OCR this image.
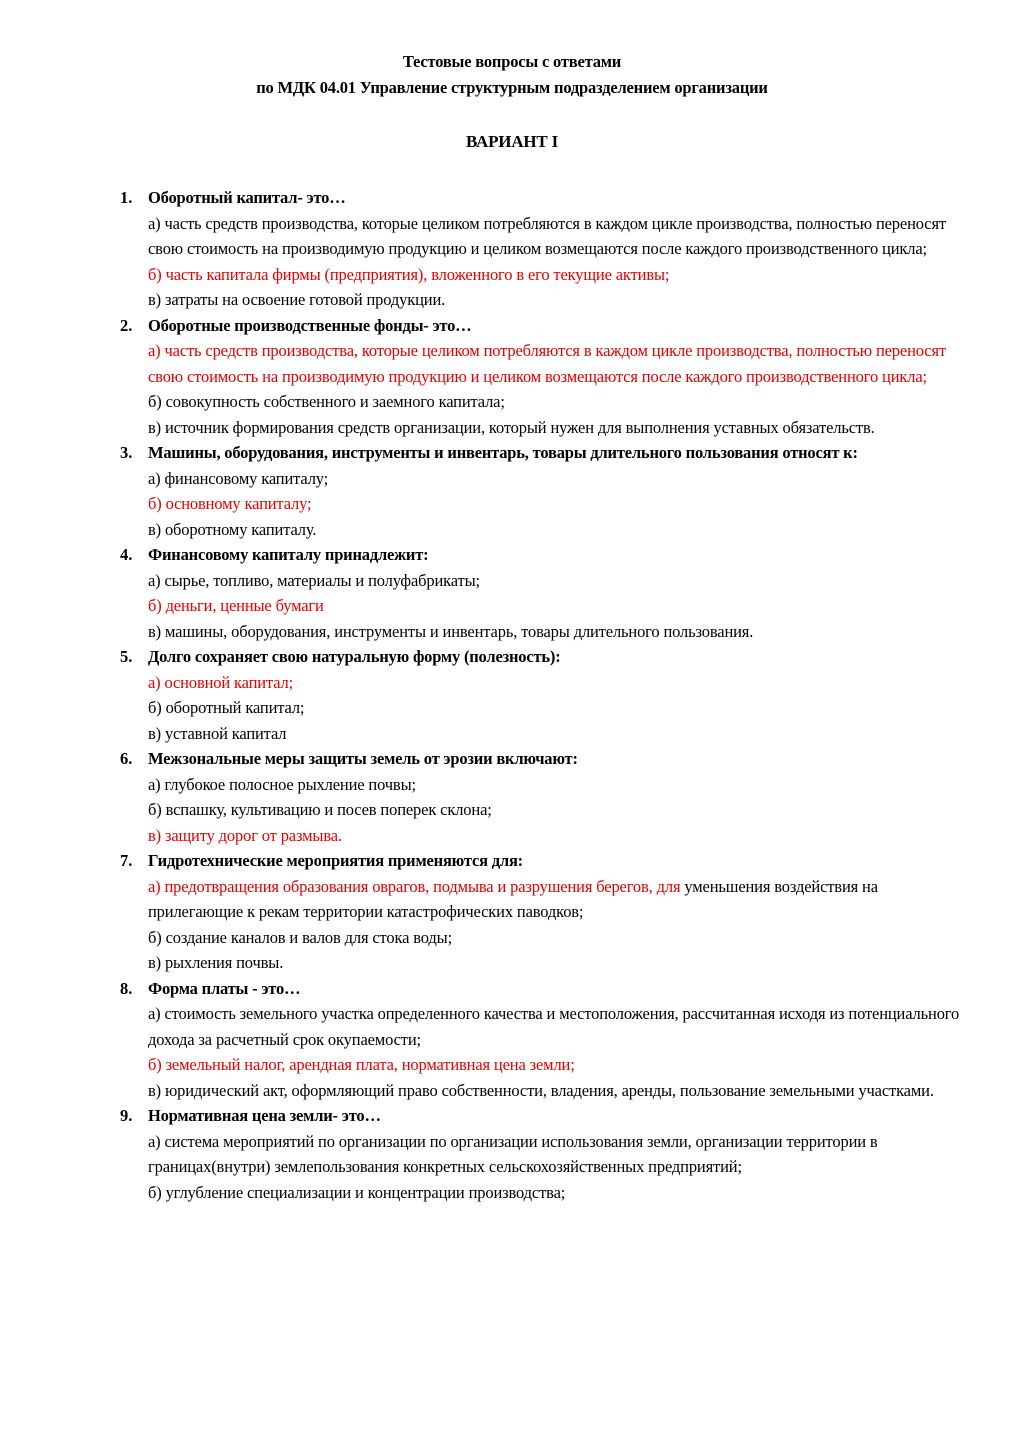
Тестовые вопросы с ответами
по МДК 04.01 Управление структурным подразделением организации
ВАРИАНТ I
1. Оборотный капитал- это…
а) часть средств производства, которые целиком потребляются в каждом цикле производства, полностью переносят свою стоимость на производимую продукцию и целиком возмещаются после каждого производственного цикла;
б) часть капитала фирмы (предприятия), вложенного в его текущие активы;
в) затраты на освоение готовой продукции.
2. Оборотные производственные фонды- это…
а) часть средств производства, которые целиком потребляются в каждом цикле производства, полностью переносят свою стоимость на производимую продукцию и целиком возмещаются после каждого производственного цикла;
б) совокупность собственного и заемного капитала;
в) источник формирования средств организации, который нужен для выполнения уставных обязательств.
3. Машины, оборудования, инструменты и инвентарь, товары длительного пользования относят к:
а) финансовому капиталу;
б) основному капиталу;
в) оборотному капиталу.
4. Финансовому капиталу принадлежит:
а) сырье, топливо, материалы и полуфабрикаты;
б) деньги, ценные бумаги
в) машины, оборудования, инструменты и инвентарь, товары длительного пользования.
5. Долго сохраняет свою натуральную форму (полезность):
а) основной капитал;
б) оборотный капитал;
в) уставной капитал
6. Межзональные меры защиты земель от эрозии включают:
а) глубокое полосное рыхление почвы;
б) вспашку, культивацию и посев поперек склона;
в) защиту дорог от размыва.
7. Гидротехнические мероприятия применяются для:
а) предотвращения образования оврагов, подмыва и разрушения берегов, для уменьшения воздействия на прилегающие к рекам территории катастрофических паводков;
б) создание каналов и валов для стока воды;
в) рыхления почвы.
8. Форма платы - это…
а) стоимость земельного участка определенного качества и местоположения, рассчитанная исходя из потенциального дохода за расчетный срок окупаемости;
б) земельный налог, арендная плата, нормативная цена земли;
в) юридический акт, оформляющий право собственности, владения, аренды, пользование земельными участками.
9. Нормативная цена земли- это…
а) система мероприятий по организации по организации использования земли, организации территории в границах(внутри) землепользования конкретных сельскохозяйственных предприятий;
б) углубление специализации и концентрации производства;
